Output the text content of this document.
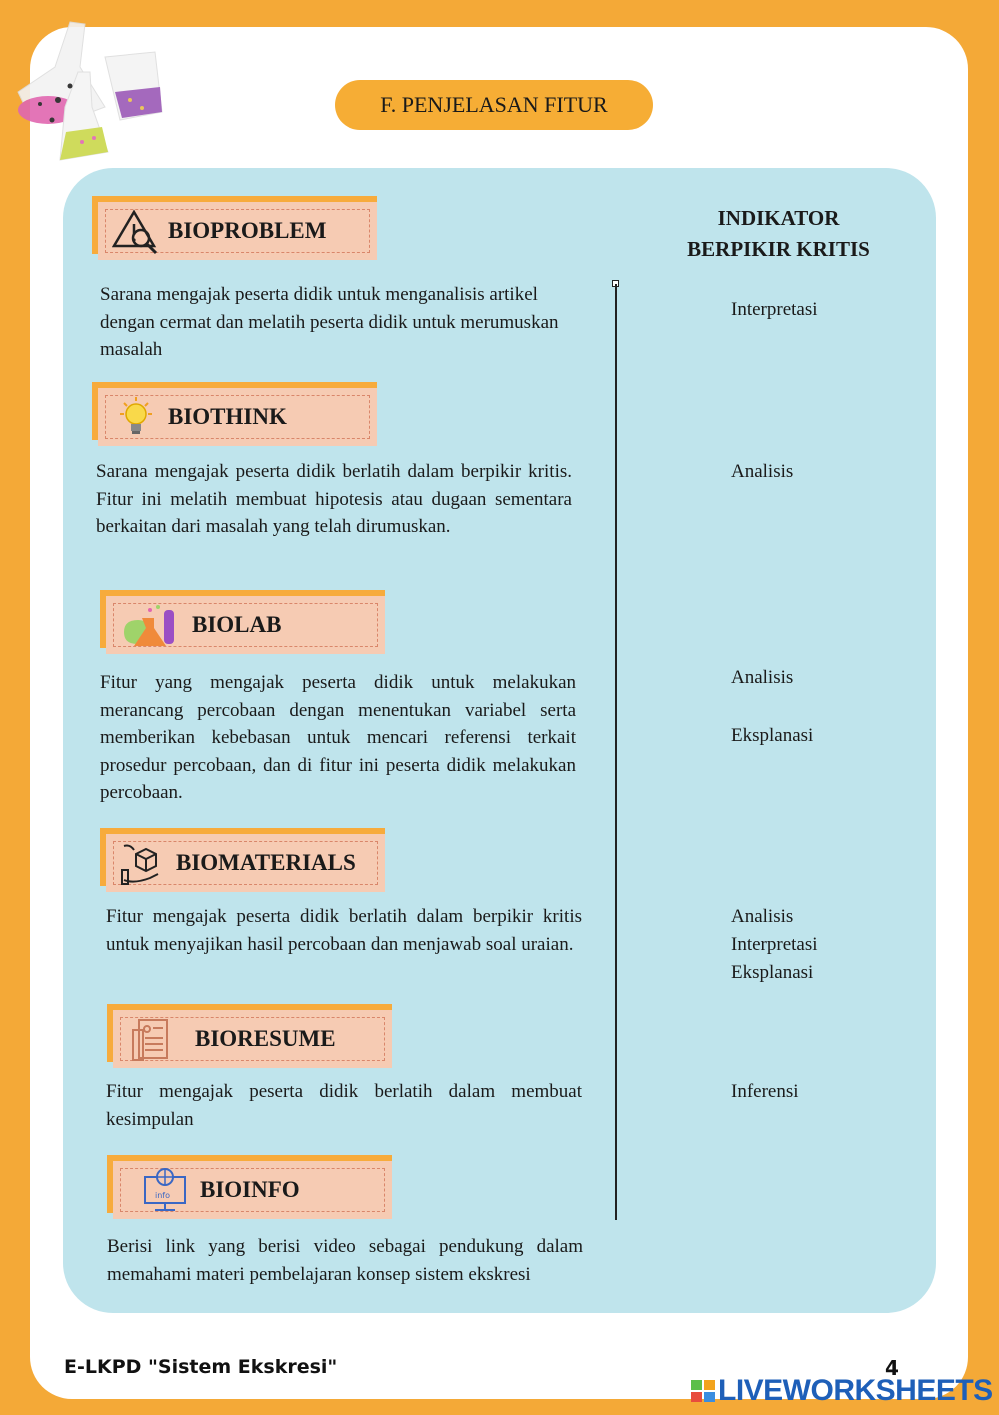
F. PENJELASAN FITUR
INDIKATOR
BERPIKIR KRITIS
BIOPROBLEM
Sarana mengajak peserta didik untuk menganalisis artikel dengan cermat dan melatih peserta didik untuk merumuskan masalah
Interpretasi
BIOTHINK
Sarana mengajak peserta didik berlatih dalam berpikir kritis. Fitur ini melatih membuat hipotesis atau dugaan sementara berkaitan dari masalah yang telah dirumuskan.
Analisis
BIOLAB
Fitur yang mengajak peserta didik untuk melakukan merancang percobaan dengan menentukan variabel serta memberikan kebebasan untuk mencari referensi terkait prosedur percobaan, dan di fitur ini peserta didik melakukan percobaan.
Analisis
Eksplanasi
BIOMATERIALS
Fitur mengajak peserta didik berlatih dalam berpikir kritis untuk menyajikan hasil percobaan dan menjawab soal uraian.
Analisis
Interpretasi
Eksplanasi
BIORESUME
Fitur mengajak peserta didik berlatih dalam membuat kesimpulan
Inferensi
info BIOINFO
Berisi link yang berisi video sebagai pendukung dalam memahami materi pembelajaran konsep sistem ekskresi
E-LKPD "Sistem Ekskresi"	4
LIVEWORKSHEETS
